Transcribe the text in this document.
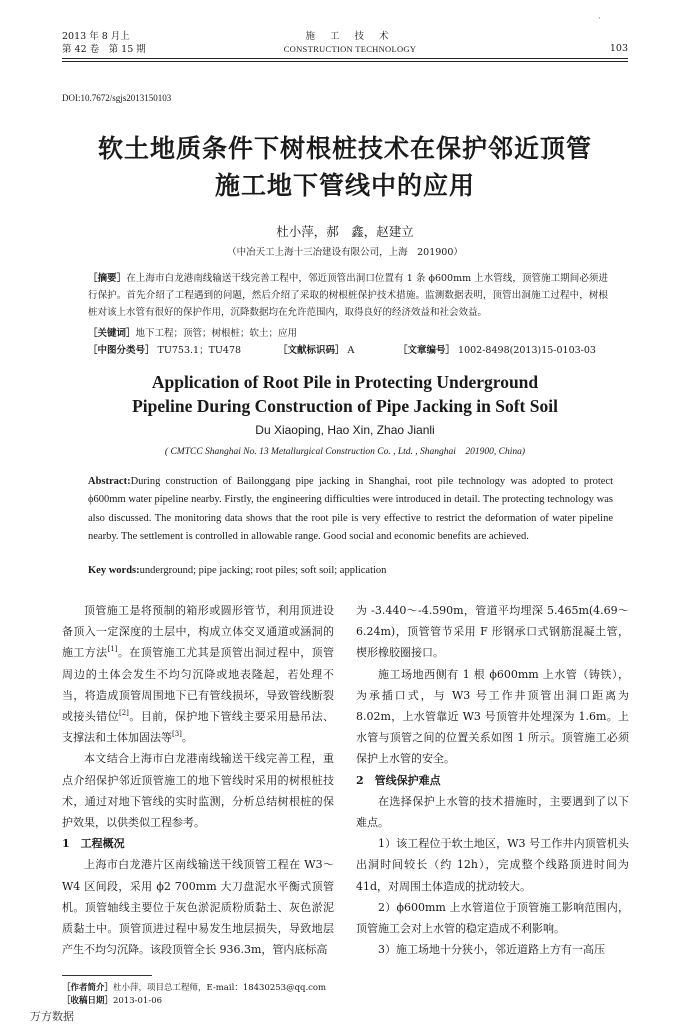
·
2013 年 8 月上
第 42 卷　第 15 期
施 工 技 术
CONSTRUCTION TECHNOLOGY	103
DOI:10.7672/sgjs2013150103
软土地质条件下树根桩技术在保护邻近顶管
施工地下管线中的应用
杜小萍，郝　鑫，赵建立
（中冶天工上海十三冶建设有限公司，上海　201900）
［摘要］在上海市白龙港南线输送干线完善工程中，邻近顶管出洞口位置有 1 条 ϕ600mm 上水管线，顶管施工期间必须进行保护。首先介绍了工程遇到的问题，然后介绍了采取的树根桩保护技术措施。监测数据表明，顶管出洞施工过程中，树根桩对该上水管有很好的保护作用，沉降数据均在允许范围内，取得良好的经济效益和社会效益。
［关键词］地下工程；顶管；树根桩；软土；应用
［中图分类号］ TU753.1；TU478	［文献标识码］ A	［文章编号］ 1002-8498(2013)15-0103-03
Application of Root Pile in Protecting Underground
Pipeline During Construction of Pipe Jacking in Soft Soil
Du Xiaoping, Hao Xin, Zhao Jianli
( CMTCC Shanghai No. 13 Metallurgical Construction Co. , Ltd. , Shanghai　201900, China)
Abstract:During construction of Bailonggang pipe jacking in Shanghai, root pile technology was adopted to protect ϕ600mm water pipeline nearby. Firstly, the engineering difficulties were introduced in detail. The protecting technology was also discussed. The monitoring data shows that the root pile is very effective to restrict the deformation of water pipeline nearby. The settlement is controlled in allowable range. Good social and economic benefits are achieved.
Key words:underground; pipe jacking; root piles; soft soil; application

顶管施工是将预制的箱形或圆形管节，利用顶进设备顶入一定深度的土层中，构成立体交叉通道或涵洞的施工方法[1]。在顶管施工尤其是顶管出洞过程中，顶管周边的土体会发生不均匀沉降或地表隆起，若处理不当，将造成顶管周围地下已有管线损坏，导致管线断裂或接头错位[2]。目前，保护地下管线主要采用悬吊法、支撑法和土体加固法等[3]。

本文结合上海市白龙港南线输送干线完善工程，重点介绍保护邻近顶管施工的地下管线时采用的树根桩技术，通过对地下管线的实时监测，分析总结树根桩的保护效果，以供类似工程参考。

1　工程概况

上海市白龙港片区南线输送干线顶管工程在 W3～W4 区间段，采用 ϕ2 700mm 大刀盘泥水平衡式顶管机。顶管轴线主要位于灰色淤泥质粉质黏土、灰色淤泥质黏土中。顶管顶进过程中易发生地层损失，导致地层产生不均匀沉降。该段顶管全长 936.3m，管内底标高

为 -3.440～-4.590m，管道平均埋深 5.465m(4.69～6.24m)，顶管管节采用 F 形钢承口式钢筋混凝土管，楔形橡胶圈接口。

施工场地西侧有 1 根 ϕ600mm 上水管（铸铁），为承插口式，与 W3 号工作井顶管出洞口距离为 8.02m，上水管靠近 W3 号顶管井处埋深为 1.6m。上水管与顶管之间的位置关系如图 1 所示。顶管施工必须保护上水管的安全。

2　管线保护难点

在选择保护上水管的技术措施时，主要遇到了以下难点。

1）该工程位于软土地区，W3 号工作井内顶管机头出洞时间较长（约 12h），完成整个线路顶进时间为 41d，对周围土体造成的扰动较大。

2）ϕ600mm 上水管道位于顶管施工影响范围内，顶管施工会对上水管的稳定造成不利影响。

3）施工场地十分狭小，邻近道路上方有一高压

［作者简介］杜小萍，项目总工程师，E-mail：18430253@qq.com
［收稿日期］2013-01-06
万方数据
